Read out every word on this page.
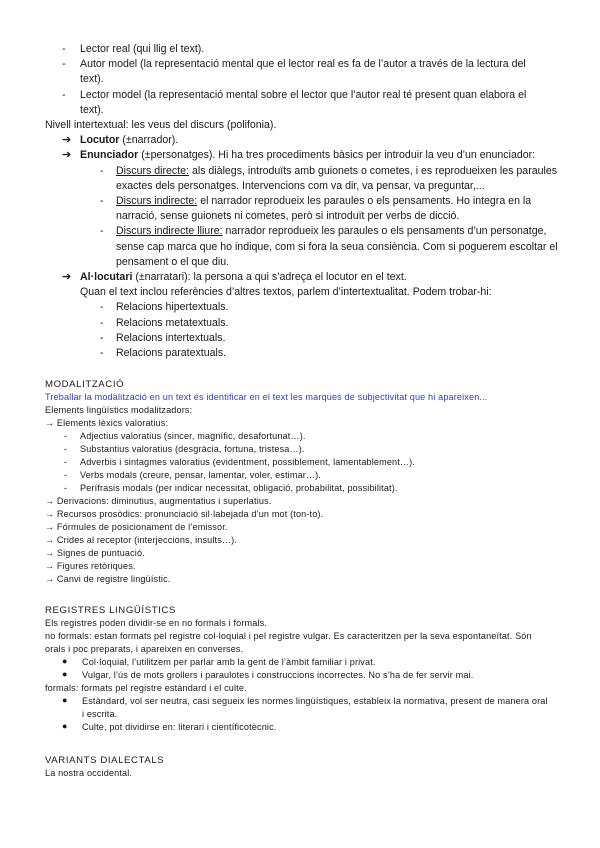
- Lector real (qui llig el text).
- Autor model (la representació mental que el lector real es fa de l’autor a través de la lectura del text).
- Lector model (la representació mental sobre el lector que l’autor real té present quan elabora el text).
Nivell intertextual: les veus del discurs (polifonia).
➔ Locutor (±narrador).
➔ Enunciador (±personatges). Hi ha tres procediments bàsics per introduir la veu d’un enunciador:
- Discurs directe: als diàlegs, introduïts amb guionets o cometes, i es reprodueixen les paraules exactes dels personatges. Intervencions com va dir, va pensar, va preguntar,...
- Discurs indirecte: el narrador reprodueix les paraules o els pensaments. Ho integra en la narració, sense guionets ni cometes, però si introduït per verbs de dicció.
- Discurs indirecte lliure: narrador reprodueix les paraules o els pensaments d’un personatge, sense cap marca que ho indique, com si fora la seua consiència. Com si poguerem escoltar el pensament o el que diu.
➔ Al·locutari (±narratari): la persona a qui s’adreça el locutor en el text.
Quan el text inclou referències d’altres textos, parlem d’intertextualitat. Podem trobar-hi:
- Relacions hipertextuals.
- Relacions metatextuals.
- Relacions intertextuals.
- Relacions paratextuals.
MODALITZACIÓ
Treballar la modalització en un text és identificar en el text les marques de subjectivitat que hi apareixen...
Elements lingüístics modalitzadors:
→ Elements lèxics valoratius:
- Adjectius valoratius (sincer, magnífic, desafortunat…).
- Substantius valoratius (desgràcia, fortuna, tristesa…).
- Adverbis i sintagmes valoratius (evidentment, possiblement, lamentablement…).
- Verbs modals (creure, pensar, lamentar, voler, estimar…).
- Perífrasis modals (per indicar necessitat, obligació, probabilitat, possibilitat).
→ Derivacions: diminutius, augmentatius i superlatius.
→ Recursos prosòdics: pronunciació sil·labejada d’un mot (ton-to).
→ Fórmules de posicionament de l’emissor.
→ Crides al receptor (interjeccions, insults…).
→ Signes de puntuació.
→ Figures retòriques.
→ Canvi de registre lingüístic.
REGISTRES LINGÜÍSTICS
Els registres poden dividir-se en no formals i formals.
no formals: estan formats pel registre col·loquial i pel registre vulgar. Es caracteritzen per la seva espontaneïtat. Són orals i poc preparats, i apareixen en converses.
● Col·loquial, l’utilitzem per parlar amb la gent de l’àmbit familiar i privat.
● Vulgar, l’ús de mots grollers i paraulotes i construccions incorrectes. No s’ha de fer servir mai.
formals: formats pel registre estàndard i el culte.
● Estàndard, vol ser neutra, casi segueix les normes lingüístiques, estableix la normativa, present de manera oral i escrita.
● Culte, pot dividirse en: literari i científicotècnic.
VARIANTS DIALECTALS
La nostra occidental.
